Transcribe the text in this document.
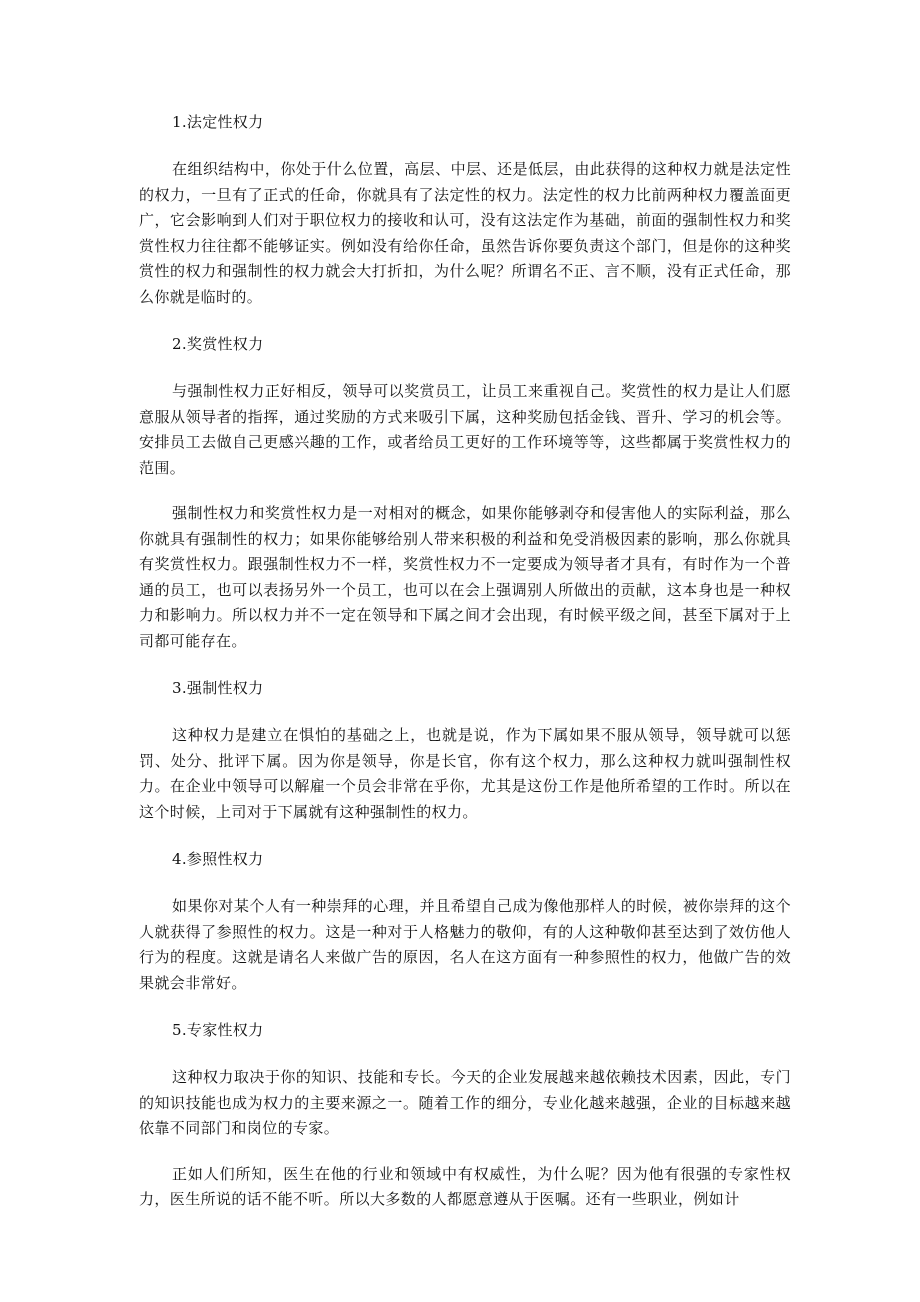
1.法定性权力

在组织结构中，你处于什么位置，高层、中层、还是低层，由此获得的这种权力就是法定性的权力，一旦有了正式的任命，你就具有了法定性的权力。法定性的权力比前两种权力覆盖面更广，它会影响到人们对于职位权力的接收和认可，没有这法定作为基础，前面的强制性权力和奖赏性权力往往都不能够证实。例如没有给你任命，虽然告诉你要负责这个部门，但是你的这种奖赏性的权力和强制性的权力就会大打折扣，为什么呢？所谓名不正、言不顺，没有正式任命，那么你就是临时的。

2.奖赏性权力

与强制性权力正好相反，领导可以奖赏员工，让员工来重视自己。奖赏性的权力是让人们愿意服从领导者的指挥，通过奖励的方式来吸引下属，这种奖励包括金钱、晋升、学习的机会等。安排员工去做自己更感兴趣的工作，或者给员工更好的工作环境等等，这些都属于奖赏性权力的范围。

强制性权力和奖赏性权力是一对相对的概念，如果你能够剥夺和侵害他人的实际利益，那么你就具有强制性的权力；如果你能够给别人带来积极的利益和免受消极因素的影响，那么你就具有奖赏性权力。跟强制性权力不一样，奖赏性权力不一定要成为领导者才具有，有时作为一个普通的员工，也可以表扬另外一个员工，也可以在会上强调别人所做出的贡献，这本身也是一种权力和影响力。所以权力并不一定在领导和下属之间才会出现，有时候平级之间，甚至下属对于上司都可能存在。

3.强制性权力

这种权力是建立在惧怕的基础之上，也就是说，作为下属如果不服从领导，领导就可以惩罚、处分、批评下属。因为你是领导，你是长官，你有这个权力，那么这种权力就叫强制性权力。在企业中领导可以解雇一个员会非常在乎你，尤其是这份工作是他所希望的工作时。所以在这个时候，上司对于下属就有这种强制性的权力。

4.参照性权力

如果你对某个人有一种崇拜的心理，并且希望自己成为像他那样人的时候，被你崇拜的这个人就获得了参照性的权力。这是一种对于人格魅力的敬仰，有的人这种敬仰甚至达到了效仿他人行为的程度。这就是请名人来做广告的原因，名人在这方面有一种参照性的权力，他做广告的效果就会非常好。

5.专家性权力

这种权力取决于你的知识、技能和专长。今天的企业发展越来越依赖技术因素，因此，专门的知识技能也成为权力的主要来源之一。随着工作的细分，专业化越来越强，企业的目标越来越依靠不同部门和岗位的专家。

正如人们所知，医生在他的行业和领域中有权威性，为什么呢？因为他有很强的专家性权力，医生所说的话不能不听。所以大多数的人都愿意遵从于医嘱。还有一些职业，例如计
